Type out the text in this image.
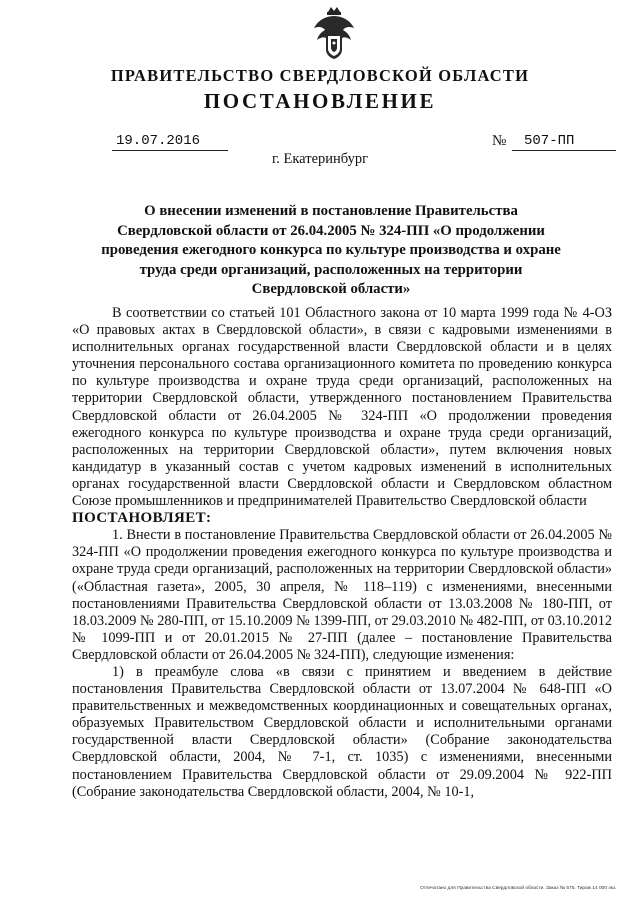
ПРАВИТЕЛЬСТВО СВЕРДЛОВСКОЙ ОБЛАСТИ
ПОСТАНОВЛЕНИЕ
19.07.2016	№	507-ПП
г. Екатеринбург
О внесении изменений в постановление Правительства Свердловской области от 26.04.2005 № 324-ПП «О продолжении проведения ежегодного конкурса по культуре производства и охране труда среди организаций, расположенных на территории Свердловской области»

В соответствии со статьей 101 Областного закона от 10 марта 1999 года № 4-ОЗ «О правовых актах в Свердловской области», в связи с кадровыми изменениями в исполнительных органах государственной власти Свердловской области и в целях уточнения персонального состава организационного комитета по проведению конкурса по культуре производства и охране труда среди организаций, расположенных на территории Свердловской области, утвержденного постановлением Правительства Свердловской области от 26.04.2005 № 324-ПП «О продолжении проведения ежегодного конкурса по культуре производства и охране труда среди организаций, расположенных на территории Свердловской области», путем включения новых кандидатур в указанный состав с учетом кадровых изменений в исполнительных органах государственной власти Свердловской области и Свердловском областном Союзе промышленников и предпринимателей Правительство Свердловской области

ПОСТАНОВЛЯЕТ:

1. Внести в постановление Правительства Свердловской области от 26.04.2005 № 324-ПП «О продолжении проведения ежегодного конкурса по культуре производства и охране труда среди организаций, расположенных на территории Свердловской области» («Областная газета», 2005, 30 апреля, № 118–119) с изменениями, внесенными постановлениями Правительства Свердловской области от 13.03.2008 № 180-ПП, от 18.03.2009 № 280-ПП, от 15.10.2009 № 1399-ПП, от 29.03.2010 № 482-ПП, от 03.10.2012 № 1099-ПП и от 20.01.2015 № 27-ПП (далее – постановление Правительства Свердловской области от 26.04.2005 № 324-ПП), следующие изменения:

1) в преамбуле слова «в связи с принятием и введением в действие постановления Правительства Свердловской области от 13.07.2004 № 648-ПП «О правительственных и межведомственных координационных и совещательных органах, образуемых Правительством Свердловской области и исполнительными органами государственной власти Свердловской области» (Собрание законодательства Свердловской области, 2004, № 7-1, ст. 1035) с изменениями, внесенными постановлением Правительства Свердловской области от 29.09.2004 № 922-ПП (Собрание законодательства Свердловской области, 2004, № 10-1,

Отпечатано для Правительства Свердловской области. Заказ № 575. Тираж 14 000 экз.
